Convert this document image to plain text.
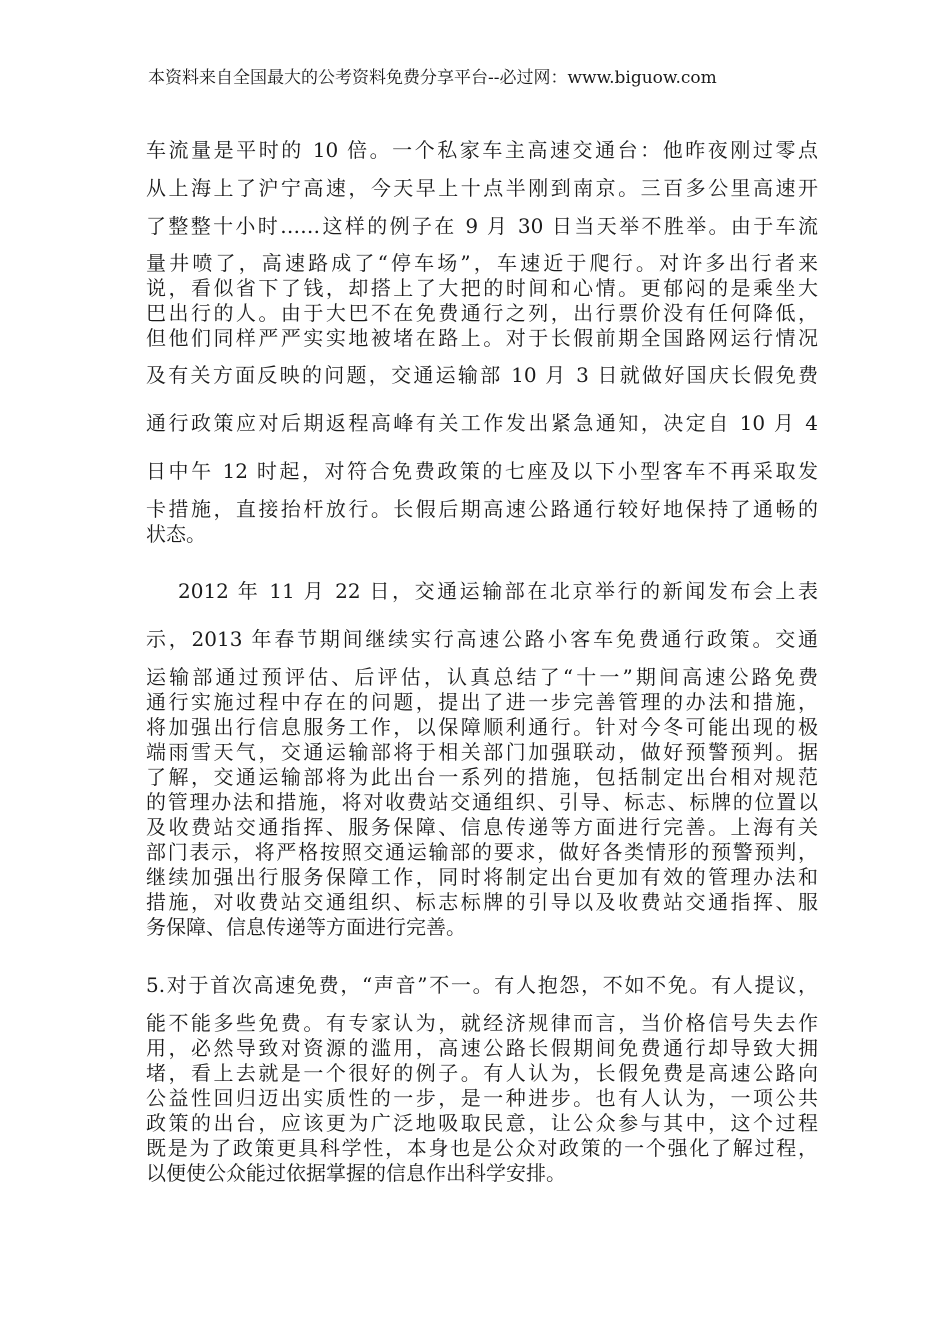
本资料来自全国最大的公考资料免费分享平台--必过网：www.biguow.com
车流量是平时的 10 倍。一个私家车主高速交通台：他昨夜刚过零点
从上海上了沪宁高速，今天早上十点半刚到南京。三百多公里高速开
了整整十小时……这样的例子在 9 月 30 日当天举不胜举。由于车流
量井喷了，高速路成了“停车场”，车速近于爬行。对许多出行者来
说，看似省下了钱，却搭上了大把的时间和心情。更郁闷的是乘坐大
巴出行的人。由于大巴不在免费通行之列，出行票价没有任何降低，
但他们同样严严实实地被堵在路上。对于长假前期全国路网运行情况
及有关方面反映的问题，交通运输部 10 月 3 日就做好国庆长假免费
通行政策应对后期返程高峰有关工作发出紧急通知，决定自 10 月 4
日中午 12 时起，对符合免费政策的七座及以下小型客车不再采取发
卡措施，直接抬杆放行。长假后期高速公路通行较好地保持了通畅的
状态。
2012 年 11 月 22 日，交通运输部在北京举行的新闻发布会上表
示，2013 年春节期间继续实行高速公路小客车免费通行政策。交通
运输部通过预评估、后评估，认真总结了“十一”期间高速公路免费
通行实施过程中存在的问题，提出了进一步完善管理的办法和措施，
将加强出行信息服务工作，以保障顺利通行。针对今冬可能出现的极
端雨雪天气，交通运输部将于相关部门加强联动，做好预警预判。据
了解，交通运输部将为此出台一系列的措施，包括制定出台相对规范
的管理办法和措施，将对收费站交通组织、引导、标志、标牌的位置以
及收费站交通指挥、服务保障、信息传递等方面进行完善。上海有关
部门表示，将严格按照交通运输部的要求，做好各类情形的预警预判，
继续加强出行服务保障工作，同时将制定出台更加有效的管理办法和
措施，对收费站交通组织、标志标牌的引导以及收费站交通指挥、服
务保障、信息传递等方面进行完善。
5.对于首次高速免费，“声音”不一。有人抱怨，不如不免。有人提议，
能不能多些免费。有专家认为，就经济规律而言，当价格信号失去作
用，必然导致对资源的滥用，高速公路长假期间免费通行却导致大拥
堵，看上去就是一个很好的例子。有人认为，长假免费是高速公路向
公益性回归迈出实质性的一步，是一种进步。也有人认为，一项公共
政策的出台，应该更为广泛地吸取民意，让公众参与其中，这个过程
既是为了政策更具科学性，本身也是公众对政策的一个强化了解过程，
以便使公众能过依据掌握的信息作出科学安排。
